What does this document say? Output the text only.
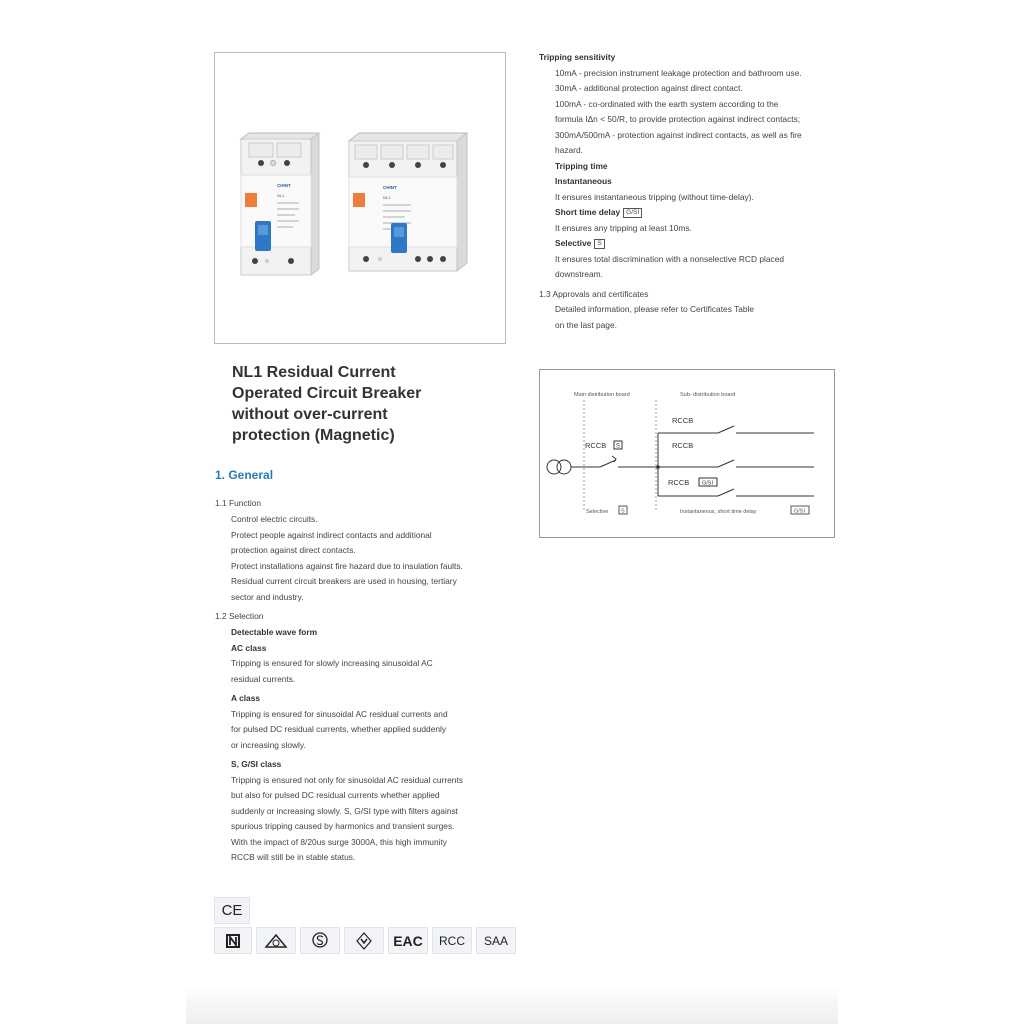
CHINT
NL1
CHINT
NL1
NL1 Residual Current
Operated Circuit Breaker
without over-current
protection (Magnetic)
1. General
1.1 Function
Control electric circuits.
Protect people against indirect contacts and additional
protection against direct contacts.
Protect installations against fire hazard due to insulation faults.
Residual current circuit breakers are used in housing, tertiary
sector and industry.
1.2 Selection
Detectable wave form
AC class
Tripping is ensured for slowly increasing sinusoidal AC
residual currents.
A class
Tripping is ensured for sinusoidal AC residual currents and
for pulsed DC residual currents, whether applied suddenly
or increasing slowly.
S, G/SI class
Tripping is ensured not only for sinusoidal AC residual currents
but also for pulsed DC residual currents whether applied
suddenly or increasing slowly. S, G/SI type with filters against
spurious tripping caused by harmonics and transient surges.
With the impact of 8/20us surge 3000A, this high immunity
RCCB will still be in stable status.
Tripping sensitivity
10mA - precision instrument leakage protection and bathroom use.
30mA - additional protection against direct contact.
100mA - co-ordinated with the earth system according to the
formula IΔn < 50/R, to provide protection against indirect contacts;
300mA/500mA - protection against indirect contacts, as well as fire
hazard.
Tripping time
Instantaneous
It ensures instantaneous tripping (without time-delay).
Short time delay G/SI
It ensures any tripping at least 10ms.
Selective S
It ensures total discrimination with a nonselective RCD placed
downstream.
1.3 Approvals and certificates
Detailed information, please refer to Certificates Table
on the last page.
Main distribution board	Sub- distribution board
RCCB S
RCCB
RCCB
RCCB G/SI
Selective S	Instantaneous, short time delay	G/SI
CE
EAC	RCC	SAA
